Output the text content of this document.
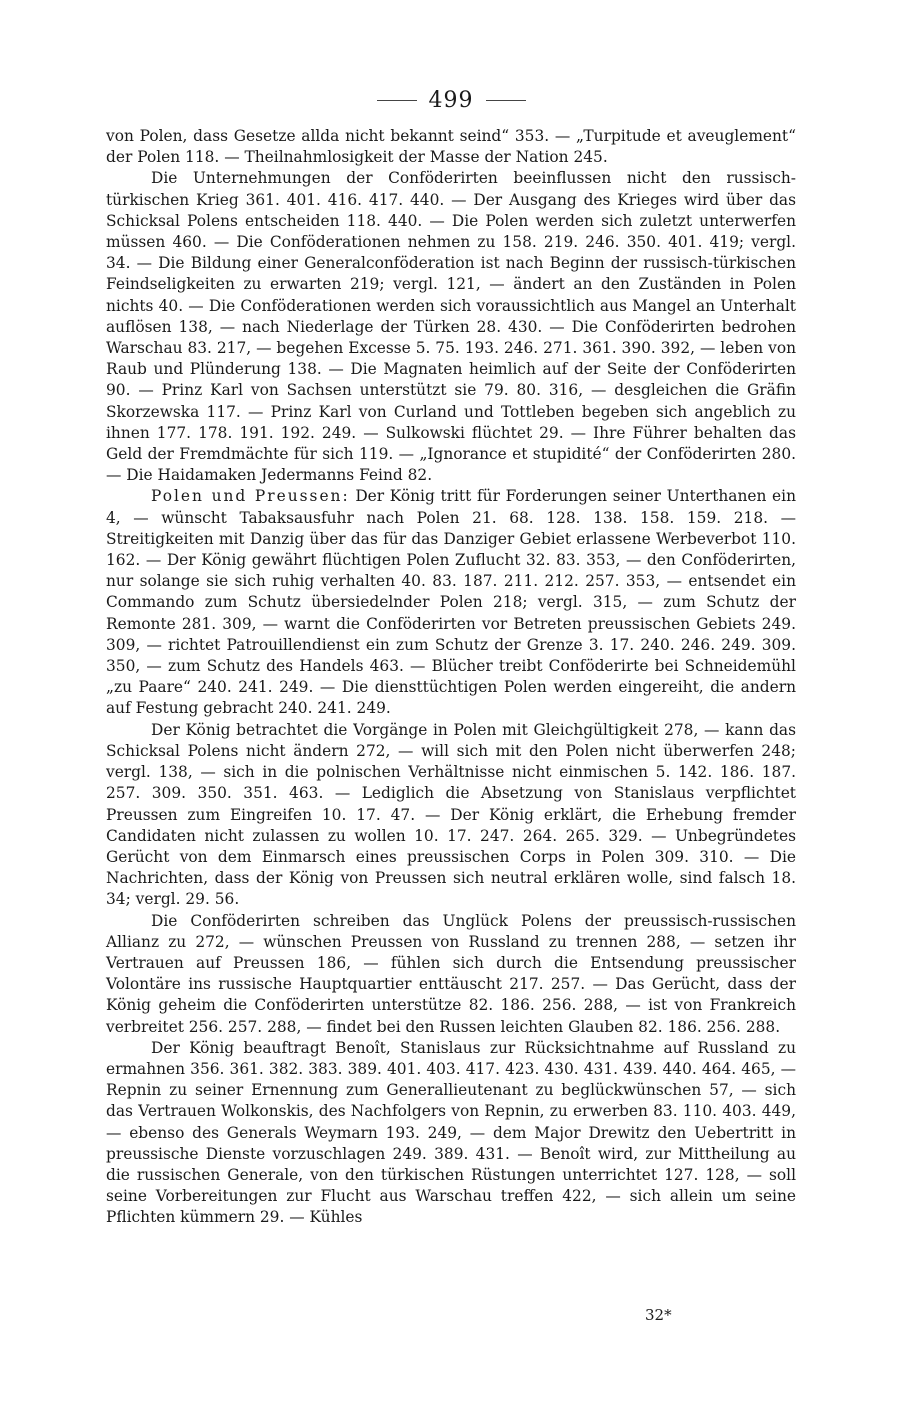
499

von Polen, dass Gesetze allda nicht bekannt seind“ 353. — „Turpitude et aveuglement“ der Polen 118. — Theilnahmlosigkeit der Masse der Nation 245.

Die Unternehmungen der Conföderirten beeinflussen nicht den russisch-türkischen Krieg 361. 401. 416. 417. 440. — Der Ausgang des Krieges wird über das Schicksal Polens entscheiden 118. 440. — Die Polen werden sich zuletzt unterwerfen müssen 460. — Die Conföderationen nehmen zu 158. 219. 246. 350. 401. 419; vergl. 34. — Die Bildung einer Generalconföderation ist nach Beginn der russisch-türkischen Feindseligkeiten zu erwarten 219; vergl. 121, — ändert an den Zuständen in Polen nichts 40. — Die Conföderationen werden sich voraussichtlich aus Mangel an Unterhalt auflösen 138, — nach Niederlage der Türken 28. 430. — Die Conföderirten bedrohen Warschau 83. 217, — begehen Excesse 5. 75. 193. 246. 271. 361. 390. 392, — leben von Raub und Plünderung 138. — Die Magnaten heimlich auf der Seite der Conföderirten 90. — Prinz Karl von Sachsen unterstützt sie 79. 80. 316, — desgleichen die Gräfin Skorzewska 117. — Prinz Karl von Curland und Tottleben begeben sich angeblich zu ihnen 177. 178. 191. 192. 249. — Sulkowski flüchtet 29. — Ihre Führer behalten das Geld der Fremdmächte für sich 119. — „Ignorance et stupidité“ der Conföderirten 280. — Die Haidamaken Jedermanns Feind 82.

Polen und Preussen: Der König tritt für Forderungen seiner Unterthanen ein 4, — wünscht Tabaksausfuhr nach Polen 21. 68. 128. 138. 158. 159. 218. — Streitigkeiten mit Danzig über das für das Danziger Gebiet erlassene Werbeverbot 110. 162. — Der König gewährt flüchtigen Polen Zuflucht 32. 83. 353, — den Conföderirten, nur solange sie sich ruhig verhalten 40. 83. 187. 211. 212. 257. 353, — entsendet ein Commando zum Schutz übersiedelnder Polen 218; vergl. 315, — zum Schutz der Remonte 281. 309, — warnt die Conföderirten vor Betreten preussischen Gebiets 249. 309, — richtet Patrouillendienst ein zum Schutz der Grenze 3. 17. 240. 246. 249. 309. 350, — zum Schutz des Handels 463. — Blücher treibt Conföderirte bei Schneidemühl „zu Paare“ 240. 241. 249. — Die diensttüchtigen Polen werden eingereiht, die andern auf Festung gebracht 240. 241. 249.

Der König betrachtet die Vorgänge in Polen mit Gleichgültigkeit 278, — kann das Schicksal Polens nicht ändern 272, — will sich mit den Polen nicht überwerfen 248; vergl. 138, — sich in die polnischen Verhältnisse nicht einmischen 5. 142. 186. 187. 257. 309. 350. 351. 463. — Lediglich die Absetzung von Stanislaus verpflichtet Preussen zum Eingreifen 10. 17. 47. — Der König erklärt, die Erhebung fremder Candidaten nicht zulassen zu wollen 10. 17. 247. 264. 265. 329. — Unbegründetes Gerücht von dem Einmarsch eines preussischen Corps in Polen 309. 310. — Die Nachrichten, dass der König von Preussen sich neutral erklären wolle, sind falsch 18. 34; vergl. 29. 56.

Die Conföderirten schreiben das Unglück Polens der preussisch-russischen Allianz zu 272, — wünschen Preussen von Russland zu trennen 288, — setzen ihr Vertrauen auf Preussen 186, — fühlen sich durch die Entsendung preussischer Volontäre ins russische Hauptquartier enttäuscht 217. 257. — Das Gerücht, dass der König geheim die Conföderirten unterstütze 82. 186. 256. 288, — ist von Frankreich verbreitet 256. 257. 288, — findet bei den Russen leichten Glauben 82. 186. 256. 288.

Der König beauftragt Benoît, Stanislaus zur Rücksichtnahme auf Russland zu ermahnen 356. 361. 382. 383. 389. 401. 403. 417. 423. 430. 431. 439. 440. 464. 465, — Repnin zu seiner Ernennung zum Generallieutenant zu beglückwünschen 57, — sich das Vertrauen Wolkonskis, des Nachfolgers von Repnin, zu erwerben 83. 110. 403. 449, — ebenso des Generals Weymarn 193. 249, — dem Major Drewitz den Uebertritt in preussische Dienste vorzuschlagen 249. 389. 431. — Benoît wird, zur Mittheilung au die russischen Generale, von den türkischen Rüstungen unterrichtet 127. 128, — soll seine Vorbereitungen zur Flucht aus Warschau treffen 422, — sich allein um seine Pflichten kümmern 29. — Kühles

32*
